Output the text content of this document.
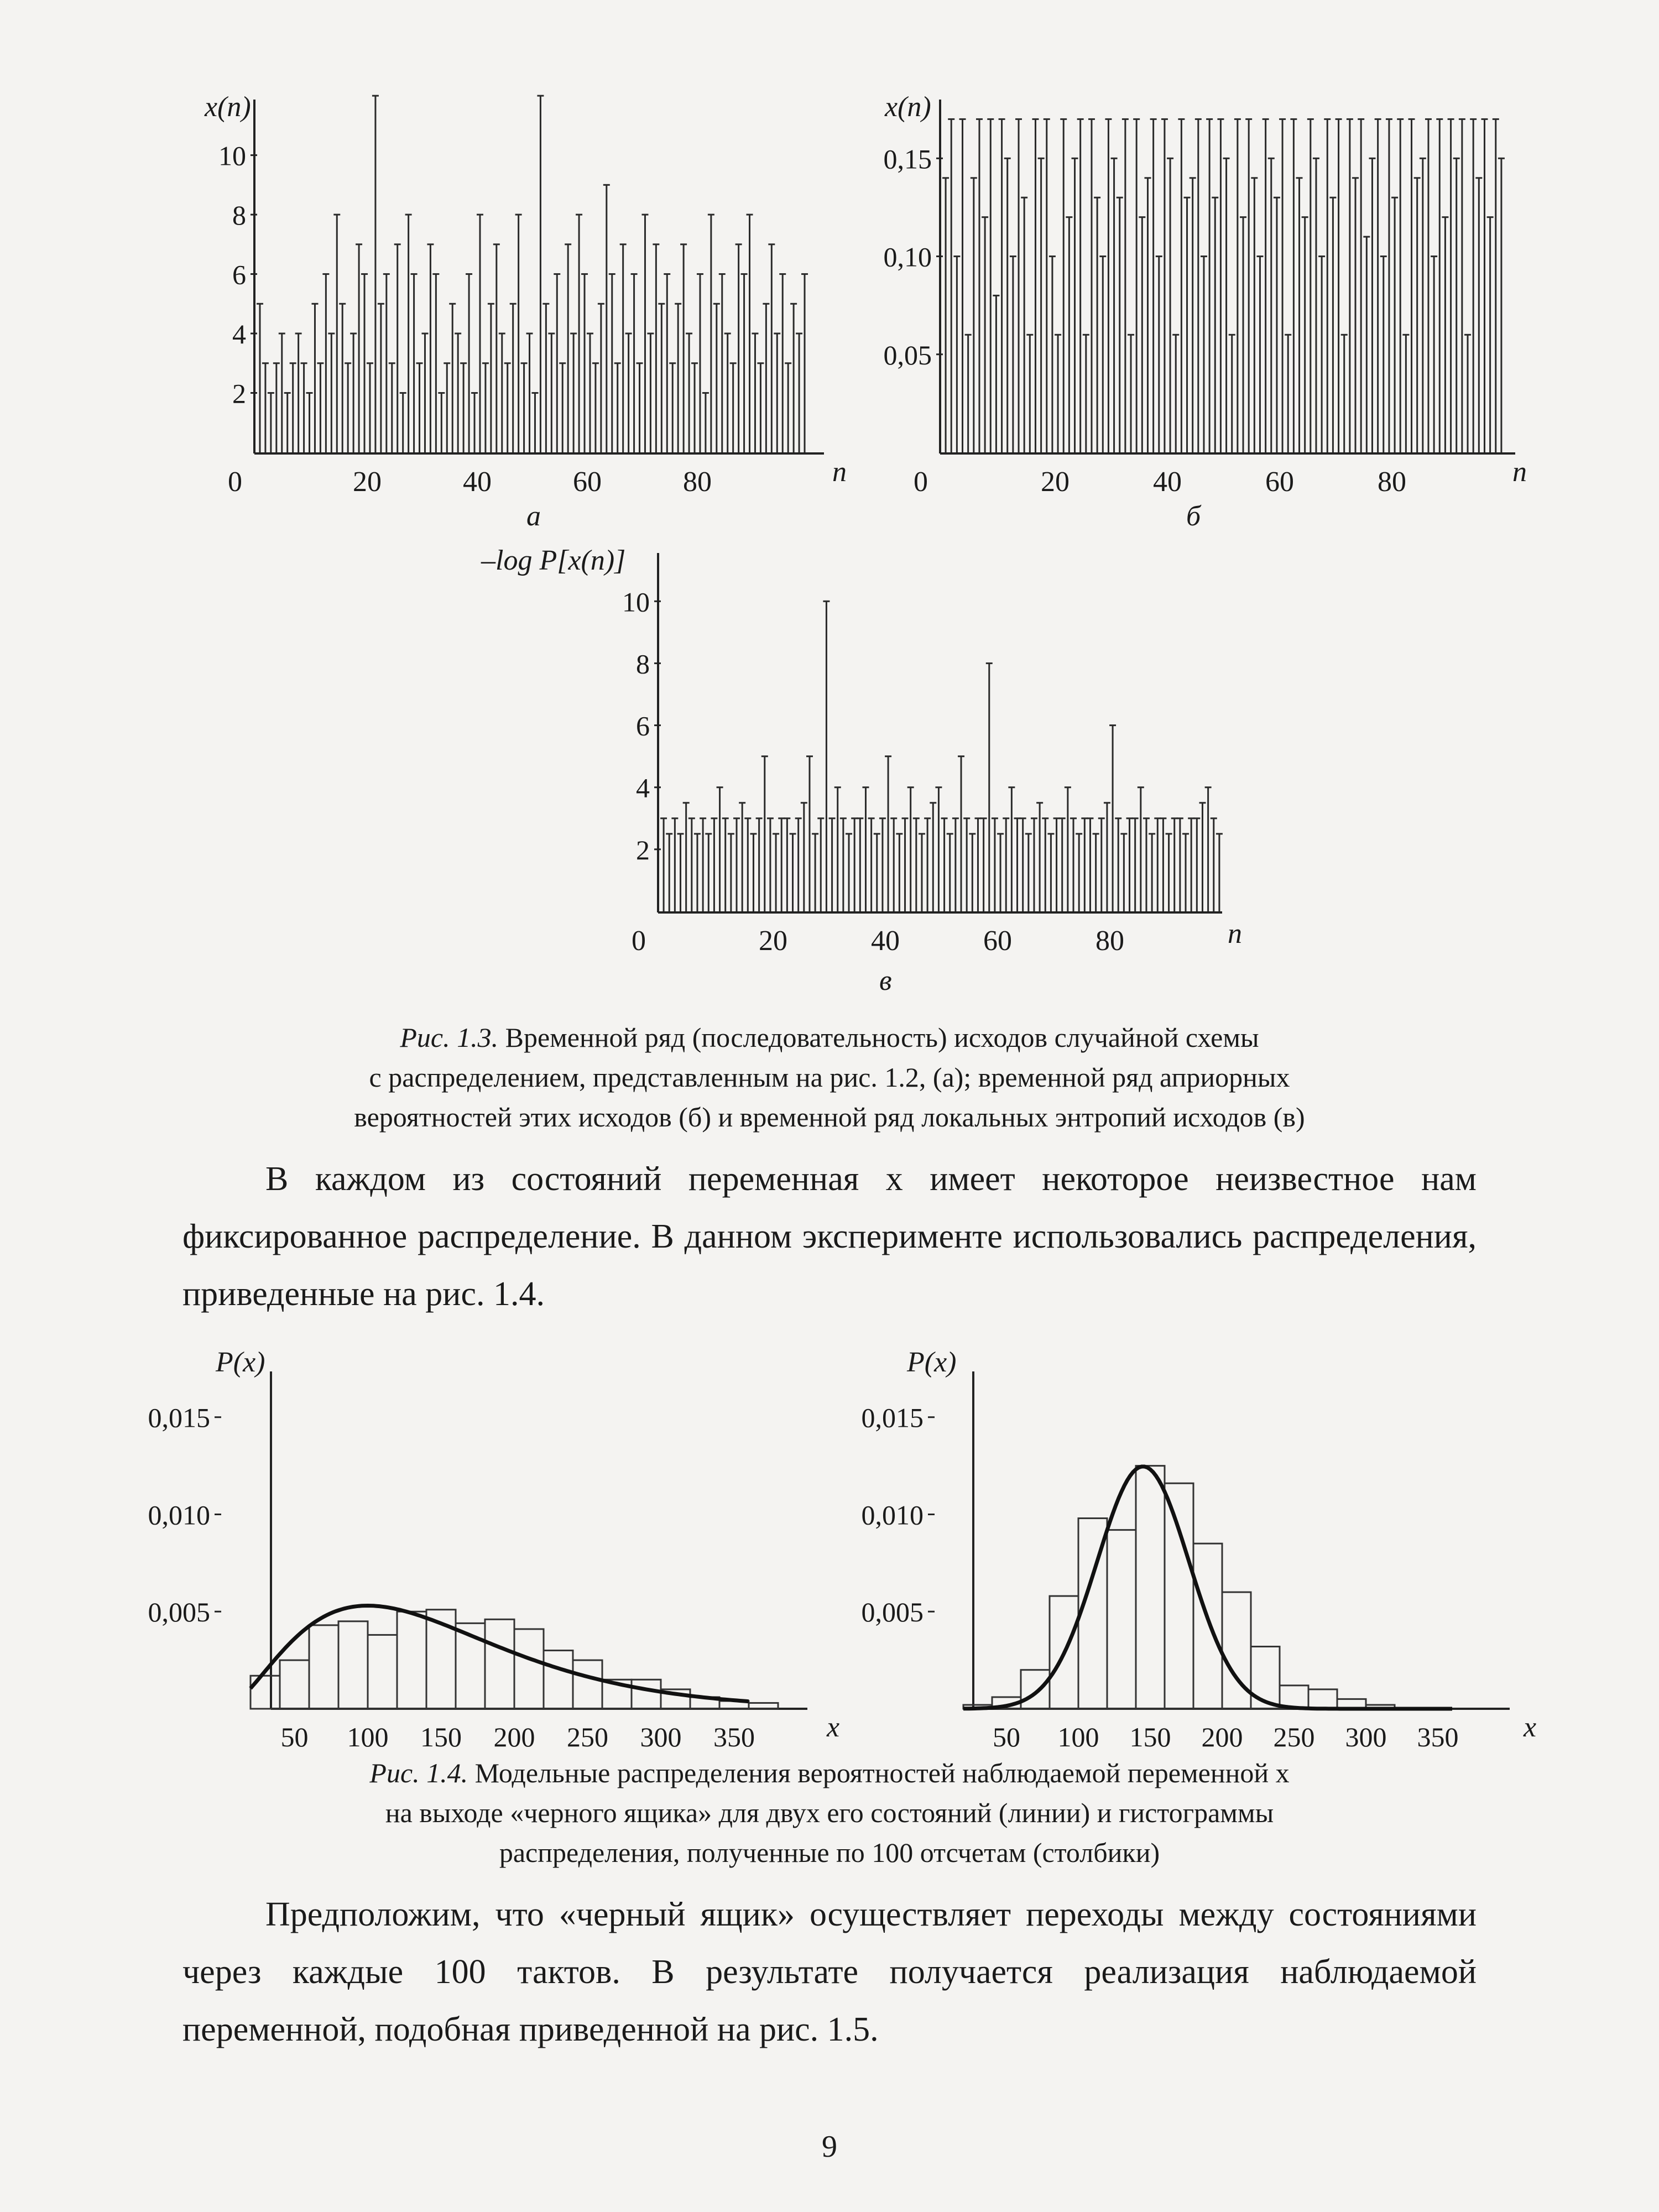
2
4
6
8
10
0	20	40	60	80
x(n)
n
а
0,05
0,10
0,15
0	20	40	60	80
x(n)
n
б
2
4
6
8
10
0	20	40	60	80
–log P[x(n)]
n
в
Рис. 1.3. Временной ряд (последовательность) исходов случайной схемы
с распределением, представленным на рис. 1.2, (а); временной ряд априорных
вероятностей этих исходов (б) и временной ряд локальных энтропий исходов (в)
В каждом из состояний переменная x имеет некоторое неизвестное нам фиксированное распределение. В данном эксперименте использовались распределения, приведенные на рис. 1.4.
0,005
0,010
0,015
P(x)
x
0,005
0,010
0,015
P(x)
x
50 100 150 200 250 300 350	50 100 150 200 250 300 350
Рис. 1.4. Модельные распределения вероятностей наблюдаемой переменной x
на выходе «черного ящика» для двух его состояний (линии) и гистограммы
распределения, полученные по 100 отсчетам (столбики)
Предположим, что «черный ящик» осуществляет переходы между состояниями через каждые 100 тактов. В результате получается реализация наблюдаемой переменной, подобная приведенной на рис. 1.5.
9
